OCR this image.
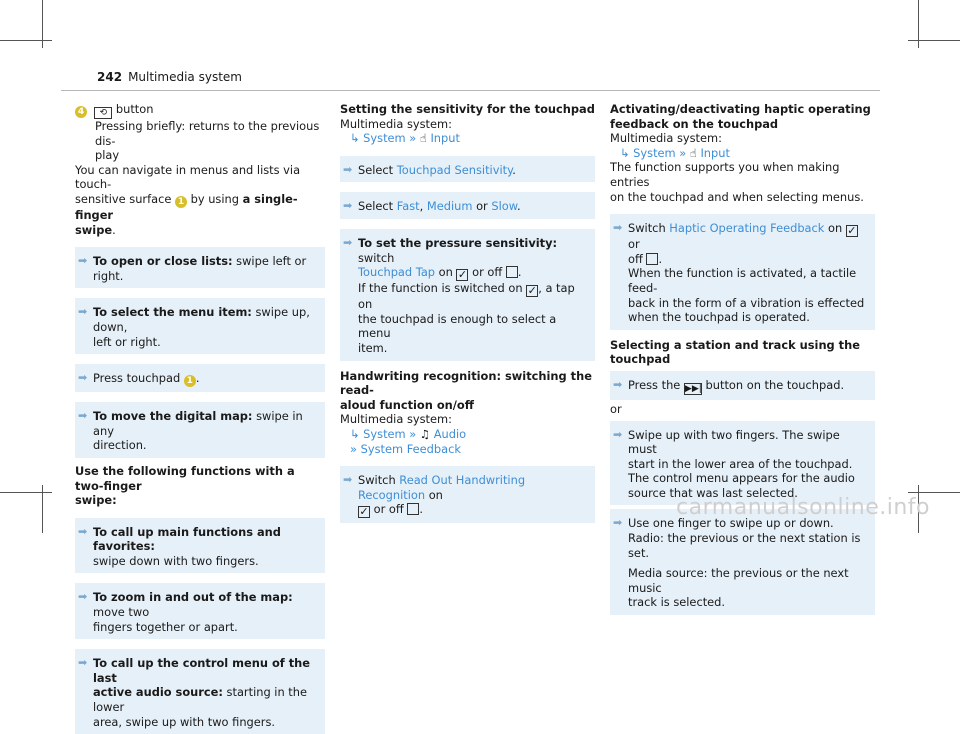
242 Multimedia system
4 ⟲ button
Pressing briefly: returns to the previous dis-
play
You can navigate in menus and lists via touch-
sensitive surface 1 by using a single-finger
swipe.
➡ To open or close lists: swipe left or right.
➡ To select the menu item: swipe up, down,
left or right.
➡ Press touchpad 1 .
➡ To move the digital map: swipe in any
direction.
Use the following functions with a two-finger
swipe:
➡ To call up main functions and favorites:
swipe down with two fingers.
➡ To zoom in and out of the map: move two
fingers together or apart.
➡ To call up the control menu of the last
active audio source: starting in the lower
area, swipe up with two fingers.
Setting the sensitivity for the touchpad
Multimedia system:
↳ System » ☝ Input
➡ Select Touchpad Sensitivity.
➡ Select Fast, Medium or Slow.
➡ To set the pressure sensitivity: switch
Touchpad Tap on ✓ or off .
If the function is switched on ✓, a tap on
the touchpad is enough to select a menu
item.
Handwriting recognition: switching the read-
aloud function on/off
Multimedia system:
↳ System » ♫ Audio
» System Feedback
➡ Switch Read Out Handwriting Recognition on
✓ or off .
Activating/deactivating haptic operating
feedback on the touchpad
Multimedia system:
↳ System » ☝ Input
The function supports you when making entries
on the touchpad and when selecting menus.
➡ Switch Haptic Operating Feedback on ✓ or
off .
When the function is activated, a tactile feed-
back in the form of a vibration is effected
when the touchpad is operated.
Selecting a station and track using the
touchpad
➡ Press the ▶▶| button on the touchpad.
or
➡ Swipe up with two fingers. The swipe must
start in the lower area of the touchpad.
The control menu appears for the audio
source that was last selected.
➡ Use one finger to swipe up or down.
Radio: the previous or the next station is set.

Media source: the previous or the next music
track is selected.
carmanualsonline.info
